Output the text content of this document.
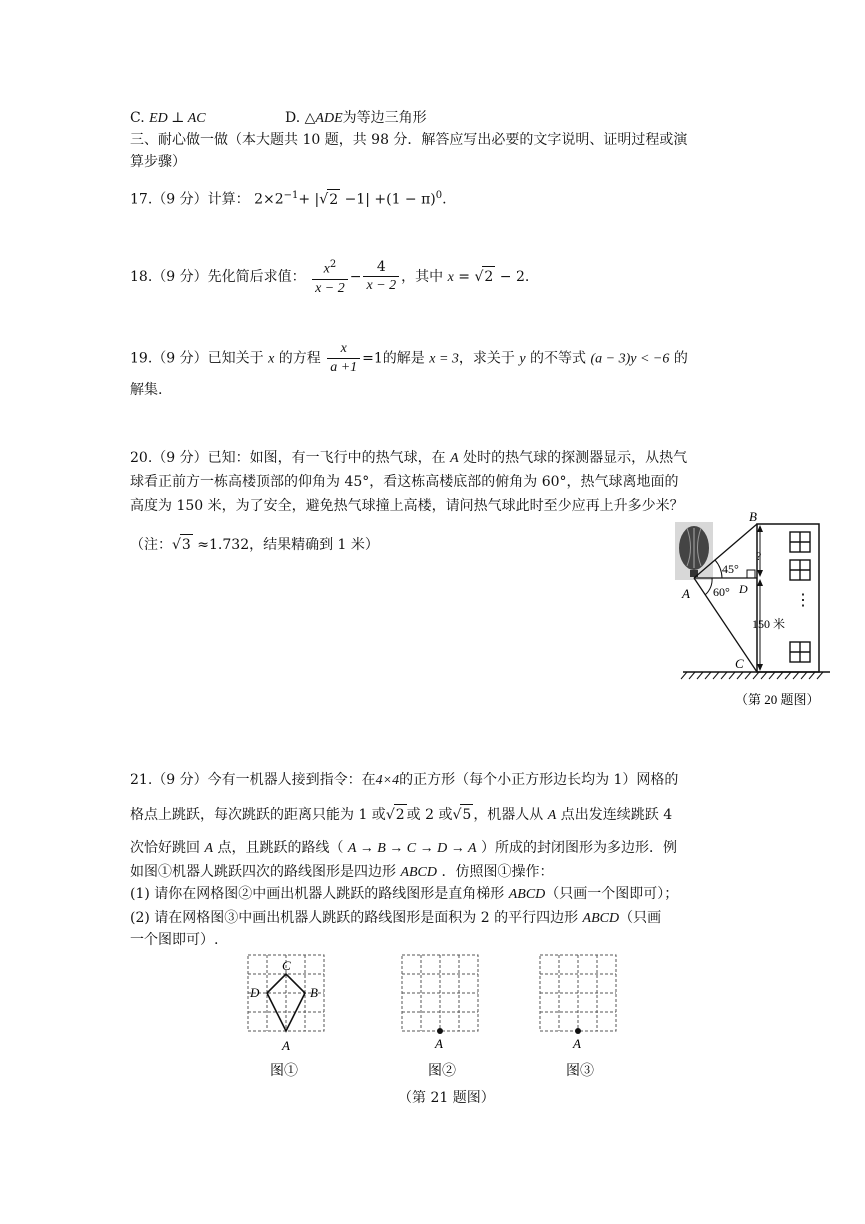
C. ED ⊥ AC	D. △ADE为等边三角形
三、耐心做一做（本大题共 10 题，共 98 分．解答应写出必要的文字说明、证明过程或演
算步骤）
17.（9 分）计算： $2\times 2^{-1}+ |√2 -1| +(1 - \pi)^0$.
18.（9 分）先化简后求值： $\frac{x^2}{x - 2} - \frac{4}{x - 2}$ ，其中 x = √2 − 2.
19.（9 分）已知关于 x 的方程 $\frac{x}{a +1} =1$的解是 x = 3，求关于 y 的不等式 (a − 3)y < −6 的
解集.
20.（9 分）已知：如图，有一飞行中的热气球，在 A 处时的热气球的探测器显示，从热气
球看正前方一栋高楼顶部的仰角为 45°，看这栋高楼底部的俯角为 60°，热气球离地面的
高度为 150 米，为了安全，避免热气球撞上高楼，请问热气球此时至少应再上升多少米？
（注：√3 ≈1.732，结果精确到 1 米）
⋮
B
A
C
D
45°
60°
?
150 米
（第 20 题图）
21.（9 分）今有一机器人接到指令：在4×4的正方形（每个小正方形边长均为 1）网格的
格点上跳跃，每次跳跃的距离只能为 1 或√2 或 2 或√5 ，机器人从 A 点出发连续跳跃 4
次恰好跳回 A 点，且跳跃的路线（ A → B → C → D → A ）所成的封闭图形为多边形．例
如图①机器人跳跃四次的路线图形是四边形 ABCD ．仿照图①操作：
(1) 请你在网格图②中画出机器人跳跃的路线图形是直角梯形 ABCD（只画一个图即可）；
(2) 请在网格图③中画出机器人跳跃的路线图形是面积为 2 的平行四边形 ABCD（只画
一个图即可）.
C
B
D
A
图①
A
图②
A
图③
（第 21 题图）
